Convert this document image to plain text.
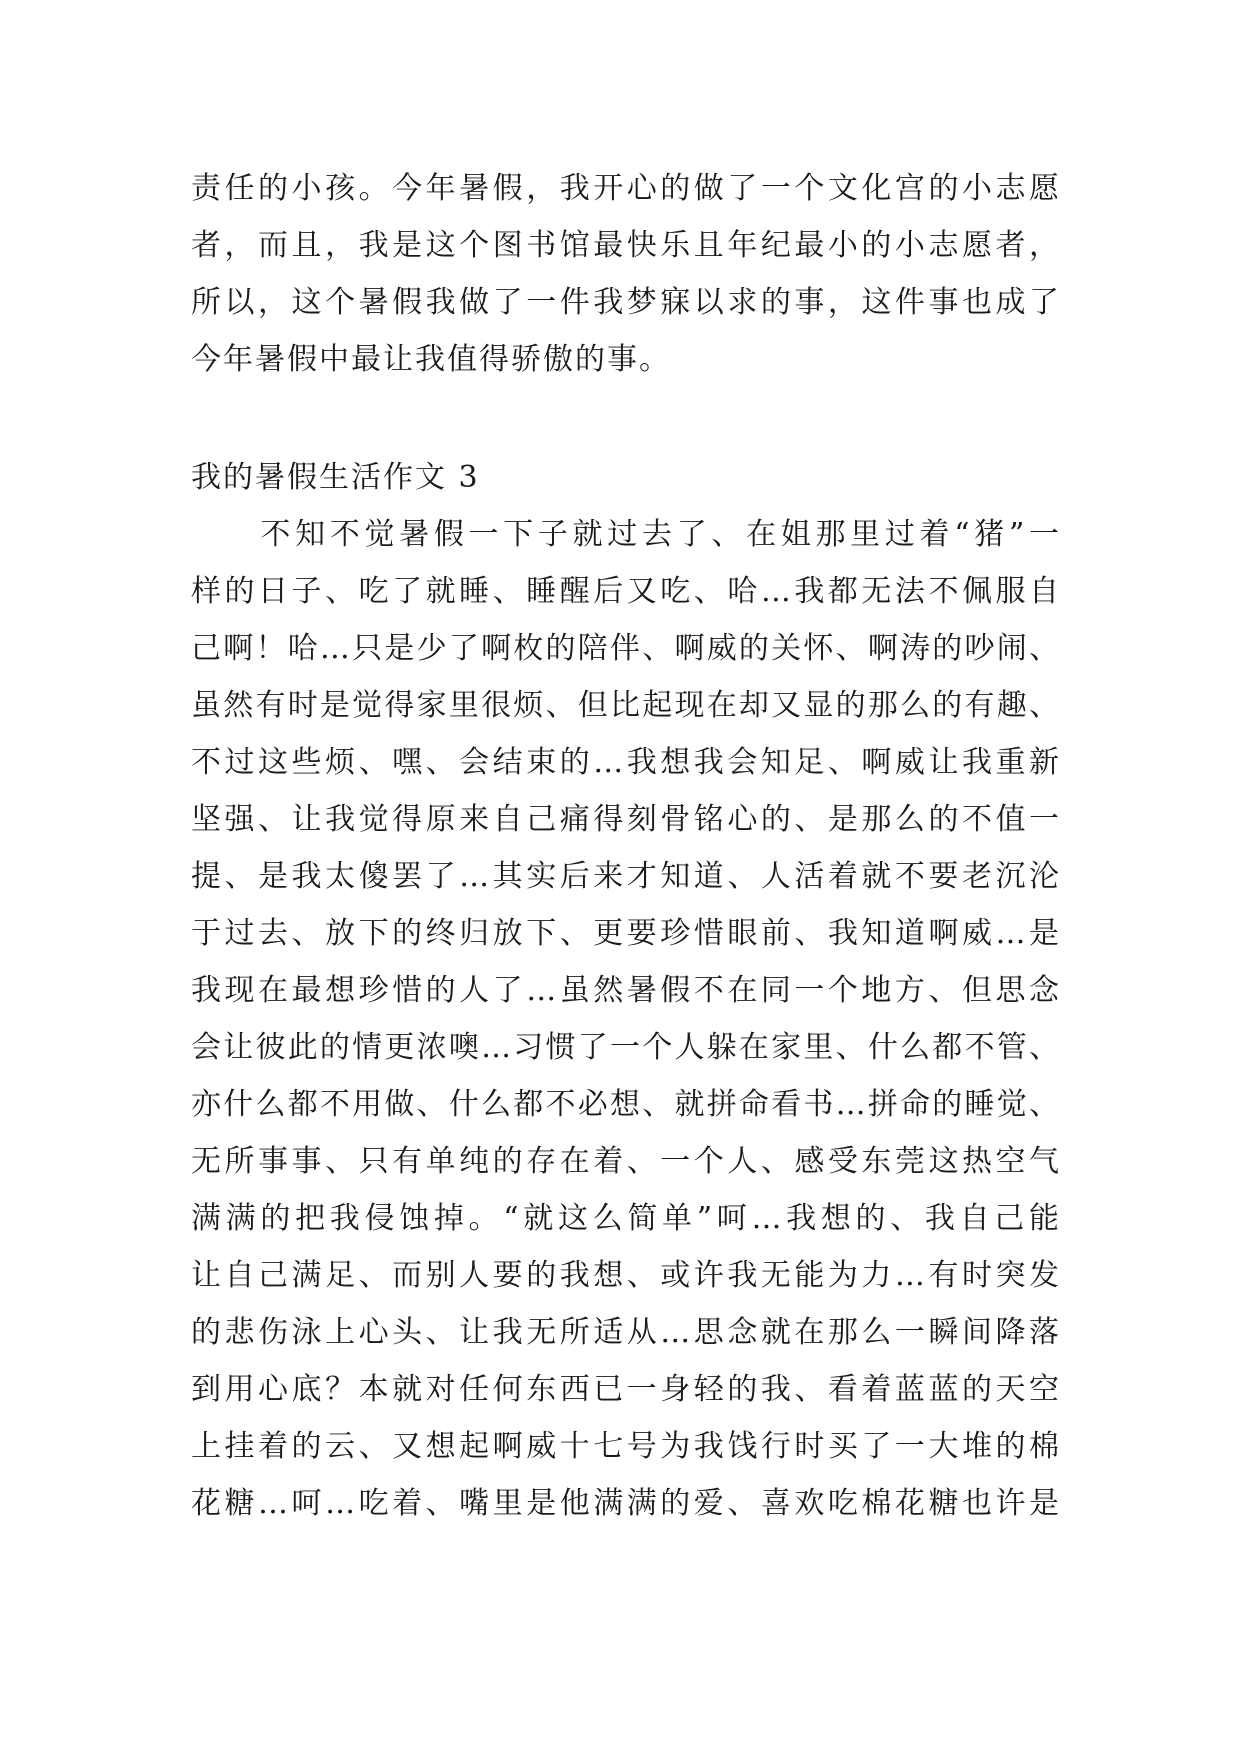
责任的小孩。今年暑假，我开心的做了一个文化宫的小志愿
者，而且，我是这个图书馆最快乐且年纪最小的小志愿者，
所以，这个暑假我做了一件我梦寐以求的事，这件事也成了
今年暑假中最让我值得骄傲的事。
我的暑假生活作文 3
　　不知不觉暑假一下子就过去了、在姐那里过着“猪”一
样的日子、吃了就睡、睡醒后又吃、哈…我都无法不佩服自
己啊！哈…只是少了啊枚的陪伴、啊威的关怀、啊涛的吵闹、
虽然有时是觉得家里很烦、但比起现在却又显的那么的有趣、
不过这些烦、嘿、会结束的…我想我会知足、啊威让我重新
坚强、让我觉得原来自己痛得刻骨铭心的、是那么的不值一
提、是我太傻罢了…其实后来才知道、人活着就不要老沉沦
于过去、放下的终归放下、更要珍惜眼前、我知道啊威…是
我现在最想珍惜的人了…虽然暑假不在同一个地方、但思念
会让彼此的情更浓噢…习惯了一个人躲在家里、什么都不管、
亦什么都不用做、什么都不必想、就拼命看书…拼命的睡觉、
无所事事、只有单纯的存在着、一个人、感受东莞这热空气
满满的把我侵蚀掉。“就这么简单”呵…我想的、我自己能
让自己满足、而别人要的我想、或许我无能为力…有时突发
的悲伤泳上心头、让我无所适从…思念就在那么一瞬间降落
到用心底？本就对任何东西已一身轻的我、看着蓝蓝的天空
上挂着的云、又想起啊威十七号为我饯行时买了一大堆的棉
花糖…呵…吃着、嘴里是他满满的爱、喜欢吃棉花糖也许是
